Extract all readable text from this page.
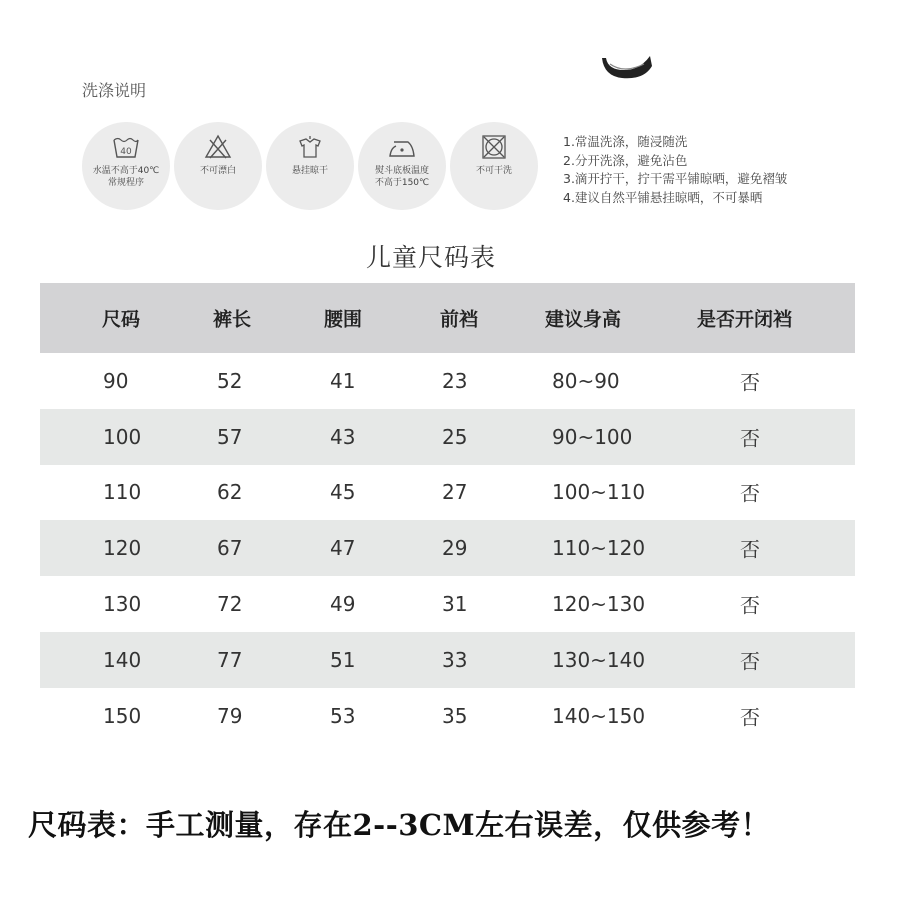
洗涤说明
40
水温不高于40℃
常规程序
不可漂白	悬挂晾干	熨斗底板温度
不高于150℃
不可干洗
1.常温洗涤，随浸随洗
2.分开洗涤，避免沾色
3.滴开拧干，拧干需平铺晾晒，避免褶皱
4.建议自然平铺悬挂晾晒，不可暴晒
儿童尺码表
尺码	裤长	腰围	前裆	建议身高	是否开闭裆
90	52	41	23	80~90	否
100	57	43	25	90~100	否
110	62	45	27	100~110	否
120	67	47	29	110~120	否
130	72	49	31	120~130	否
140	77	51	33	130~140	否
150	79	53	35	140~150	否
尺码表：手工测量，存在2--3CM左右误差，仅供参考！
